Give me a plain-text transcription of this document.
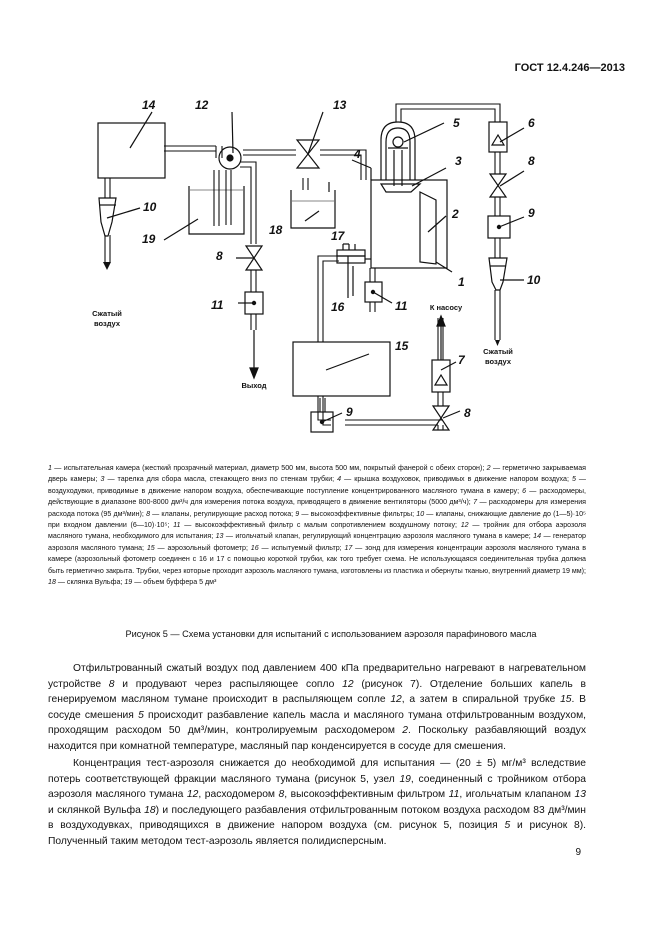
ГОСТ 12.4.246—2013
1
2
3
4
5	6
7
8
8
8
9
9
10
10
11	11
12	13
14
15
16
17
18
19
Сжатый
воздух
Выход
К насосу
Сжатый
воздух
1 — испытательная камера (жесткий прозрачный материал, диаметр 500 мм, высота 500 мм, покрытый фанерой с обеих сторон); 2 — герметично закрываемая дверь камеры; 3 — тарелка для сбора масла, стекающего вниз по стенкам трубки; 4 — крышка воздуховок, приводимых в движение напором воздуха; 5 — воздуходувки, приводимые в движение напором воздуха, обеспечивающие поступление концентрированного масляного тумана в камеру; 6 — расходомеры, действующие в диапазоне 800-8000 дм³/ч для измерения потока воздуха, приводящего в движение вентиляторы (5000 дм³/ч); 7 — расходомеры для измерения расхода потока (95 дм³/мин); 8 — клапаны, регулирующие расход потока; 9 — высокоэффективные фильтры; 10 — клапаны, снижающие давление до (1—5)·10⁵ при входном давлении (6—10)·10⁵; 11 — высокоэффективный фильтр с малым сопротивлением воздушному потоку; 12 — тройник для отбора аэрозоля масляного тумана, необходимого для испытания; 13 — игольчатый клапан, регулирующий концентрацию аэрозоля масляного тумана в камере; 14 — генератор аэрозоля масляного тумана; 15 — аэрозольный фотометр; 16 — испытуемый фильтр; 17 — зонд для измерения концентрации аэрозоля масляного тумана в камере (аэрозольный фотометр соединен с 16 и 17 с помощью короткой трубки, как того требует схема. Не использующаяся соединительная трубка должна быть герметично закрыта. Трубки, через которые проходит аэрозоль масляного тумана, изготовлены из пластика и обернуты тканью, внутренний диаметр 19 мм); 18 — склянка Вульфа; 19 — объем буффера 5 дм³
Рисунок 5 — Схема установки для испытаний с использованием аэрозоля парафинового масла

Отфильтрованный сжатый воздух под давлением 400 кПа предварительно нагревают в нагревательном устройстве 8 и продувают через распыляющее сопло 12 (рисунок 7). Отделение больших капель в генерируемом масляном тумане происходит в распыляющем сопле 12, а затем в спиральной трубке 15. В сосуде смешения 5 происходит разбавление капель масла и масляного тумана отфильтрованным воздухом, проходящим расходом 50 дм³/мин, контролируемым расходомером 2. Поскольку разбавляющий воздух находится при комнатной температуре, масляный пар конденсируется в сосуде для смешения.

Концентрация тест-аэрозоля снижается до необходимой для испытания — (20 ± 5) мг/м³ вследствие потерь соответствующей фракции масляного тумана (рисунок 5, узел 19, соединенный с тройником отбора аэрозоля масляного тумана 12, расходомером 8, высокоэффективным фильтром 11, игольчатым клапаном 13 и склянкой Вульфа 18) и последующего разбавления отфильтрованным потоком воздуха расходом 83 дм³/мин в воздуходувках, приводящихся в движение напором воздуха (см. рисунок 5, позиция 5 и рисунок 8). Полученный таким методом тест-аэрозоль является полидисперсным.

9
